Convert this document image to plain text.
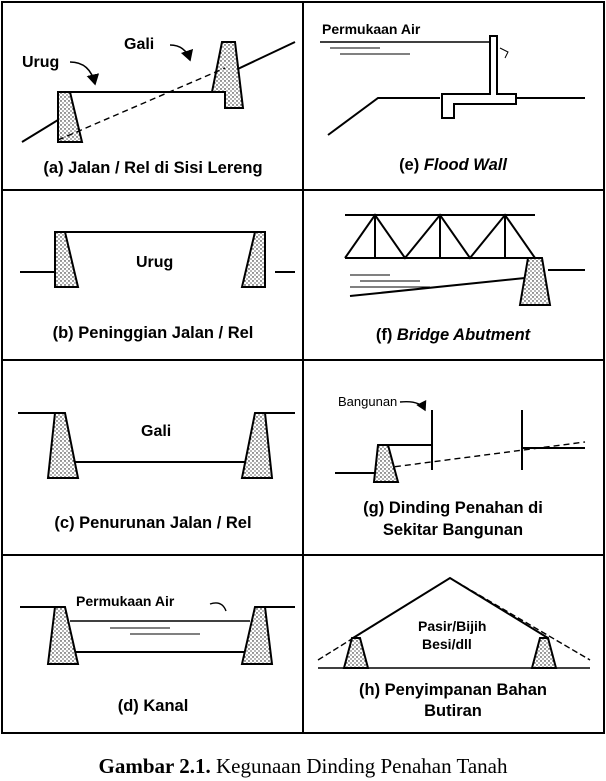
Urug
Gali
Urug
Gali
Permukaan Air
Permukaan Air
Bangunan
Pasir/Bijih
Besi/dll
(a) Jalan / Rel di Sisi Lereng	(e) Flood Wall
(b) Peninggian Jalan / Rel	(f) Bridge Abutment
(c) Penurunan Jalan / Rel
(g) Dinding Penahan di
Sekitar Bangunan
(d) Kanal
(h) Penyimpanan Bahan
Butiran
Gambar 2.1. Kegunaan Dinding Penahan Tanah
